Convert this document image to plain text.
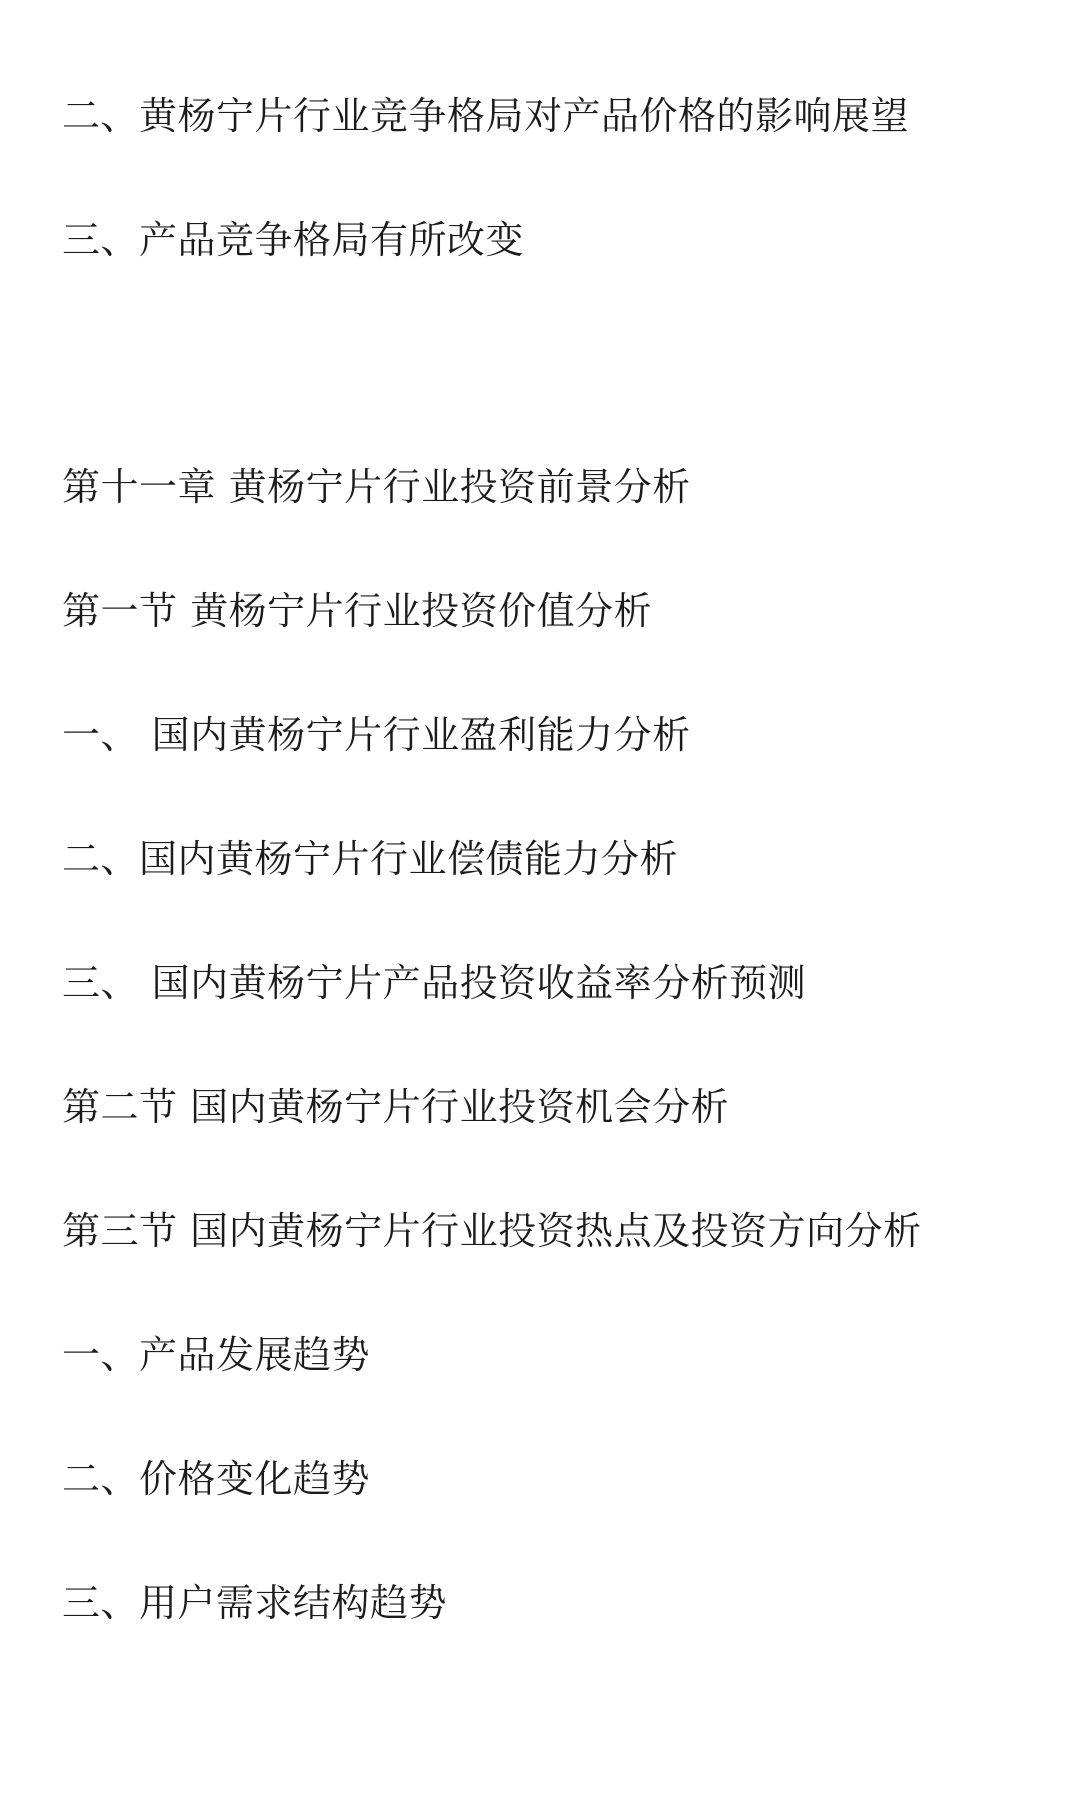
二、黄杨宁片行业竞争格局对产品价格的影响展望
三、产品竞争格局有所改变
第十一章 黄杨宁片行业投资前景分析
第一节 黄杨宁片行业投资价值分析
一、 国内黄杨宁片行业盈利能力分析
二、国内黄杨宁片行业偿债能力分析
三、 国内黄杨宁片产品投资收益率分析预测
第二节 国内黄杨宁片行业投资机会分析
第三节 国内黄杨宁片行业投资热点及投资方向分析
一、产品发展趋势
二、价格变化趋势
三、用户需求结构趋势
